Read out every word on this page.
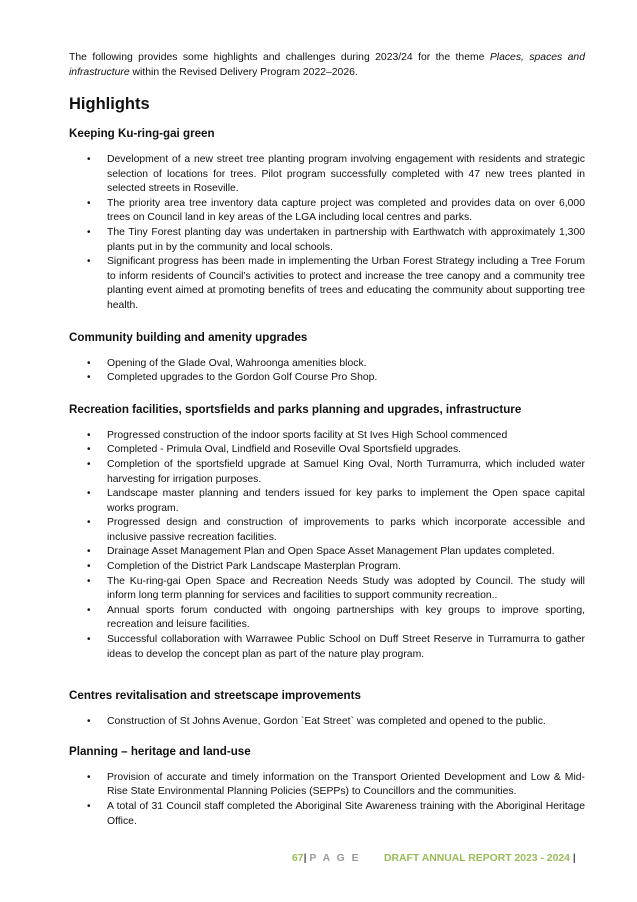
The following provides some highlights and challenges during 2023/24 for the theme Places, spaces and infrastructure within the Revised Delivery Program 2022–2026.

Highlights
Keeping Ku-ring-gai green
• Development of a new street tree planting program involving engagement with residents and strategic selection of locations for trees. Pilot program successfully completed with 47 new trees planted in selected streets in Roseville.
• The priority area tree inventory data capture project was completed and provides data on over 6,000 trees on Council land in key areas of the LGA including local centres and parks.
• The Tiny Forest planting day was undertaken in partnership with Earthwatch with approximately 1,300 plants put in by the community and local schools.
• Significant progress has been made in implementing the Urban Forest Strategy including a Tree Forum to inform residents of Council’s activities to protect and increase the tree canopy and a community tree planting event aimed at promoting benefits of trees and educating the community about supporting tree health.
Community building and amenity upgrades
• Opening of the Glade Oval, Wahroonga amenities block.
• Completed upgrades to the Gordon Golf Course Pro Shop.
Recreation facilities, sportsfields and parks planning and upgrades, infrastructure
• Progressed construction of the indoor sports facility at St Ives High School commenced
• Completed - Primula Oval, Lindfield and Roseville Oval Sportsfield upgrades.
• Completion of the sportsfield upgrade at Samuel King Oval, North Turramurra, which included water harvesting for irrigation purposes.
• Landscape master planning and tenders issued for key parks to implement the Open space capital works program.
• Progressed design and construction of improvements to parks which incorporate accessible and inclusive passive recreation facilities.
• Drainage Asset Management Plan and Open Space Asset Management Plan updates completed.
• Completion of the District Park Landscape Masterplan Program.
• The Ku-ring-gai Open Space and Recreation Needs Study was adopted by Council. The study will inform long term planning for services and facilities to support community recreation..
• Annual sports forum conducted with ongoing partnerships with key groups to improve sporting, recreation and leisure facilities.
• Successful collaboration with Warrawee Public School on Duff Street Reserve in Turramurra to gather ideas to develop the concept plan as part of the nature play program.
Centres revitalisation and streetscape improvements
• Construction of St Johns Avenue, Gordon `Eat Street` was completed and opened to the public.
Planning – heritage and land-use
• Provision of accurate and timely information on the Transport Oriented Development and Low & Mid-Rise State Environmental Planning Policies (SEPPs) to Councillors and the communities.
• A total of 31 Council staff completed the Aboriginal Site Awareness training with the Aboriginal Heritage Office.
67| P A G E DRAFT ANNUAL REPORT 2023 - 2024 |
